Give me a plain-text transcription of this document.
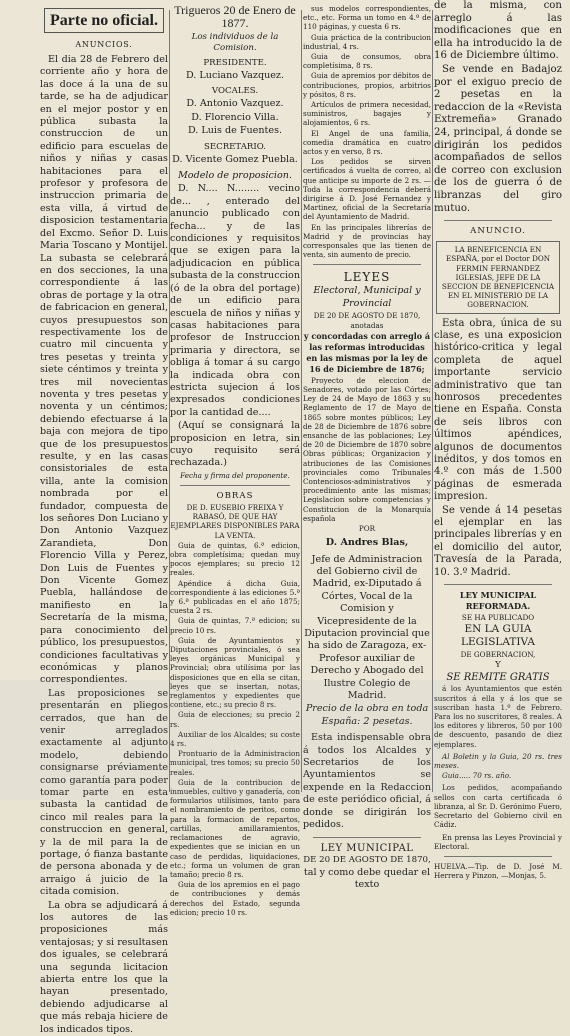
Parte no oficial.
ANUNCIOS.

El dia 28 de Febrero del corriente año y hora de las doce á la una de su tarde, se ha de adjudicar en el mejor postor y en pública subasta la construccion de un edificio para escuelas de niños y niñas y casas habitaciones para el profesor y profesora de instruccion primaria de esta villa, á virtud de disposicion testamentaria del Excmo. Señor D. Luis Maria Toscano y Montijel. La subasta se celebrará en dos secciones, la una correspondiente á las obras de portage y la otra de fabricacion en general, cuyos presupuestos son respectivamente los de cuatro mil cincuenta y tres pesetas y treinta y siete céntimos y treinta y tres mil novecientas noventa y tres pesetas y noventa y un céntimos; debiendo efectuarse á la baja con mejora de tipo que de los presupuestos resulte, y en las casas consistoriales de esta villa, ante la comision nombrada por el fundador, compuesta de los señores Don Luciano y Don Antonio Vazquez Zarandieta, Don Florencio Villa y Perez, Don Luis de Fuentes y Don Vicente Gomez Puebla, hallándose de manifiesto en la Secretaría de la misma, para conocimiento del público, los presupuestos, condiciones facultativas y económicas y planos correspondientes.

Las proposiciones se presentarán en pliegos cerrados, que han de venir arreglados exactamente al adjunto modelo, debiendo consignarse préviamente como garantía para poder tomar parte en esta subasta la cantidad de cinco mil reales para la construccion en general, y la de mil para la de portage, ó fianza bastante de persona abonada y de arraigo á juicio de la citada comision.

La obra se adjudicará á los autores de las proposiciones más ventajosas; y si resultasen dos iguales, se celebrará una segunda licitacion abierta entre los que la hayan presentado, debiendo adjudicarse al que más rebaja hiciere de los indicados tipos.

Trigueros 20 de Enero de 1877.

Los individuos de la Comision.

PRESIDENTE.

D. Luciano Vazquez.

VOCALES.

D. Antonio Vazquez.

D. Florencio Villa.

D. Luis de Fuentes.

SECRETARIO.

D. Vicente Gomez Puebla.

Modelo de proposicion.

D. N.... N........ vecino de... , enterado del anuncio publicado con fecha... y de las condiciones y requisitos que se exigen para la adjudicacion en pública subasta de la construccion (ó de la obra del portage) de un edificio para escuela de niños y niñas y casas habitaciones para profesor de Instruccion primaria y directora, se obliga á tomar á su cargo la indicada obra con estricta sujecion á los expresados condiciones por la cantidad de....

(Aquí se consignará la proposicion en letra, sin cuyo requisito será rechazada.)

Fecha y firma del proponente.

OBRAS

DE D. EUSEBIO FREIXA Y RABASÓ, DE QUE HAY EJEMPLARES DISPONIBLES PARA LA VENTA.

Guia de quintas, 6.ª edicion, obra completísima; quedan muy pocos ejemplares; su precio 12 reales.

Apéndice á dicha Guia, correspondiente á las ediciones 5.ª y 6.ª publicadas en el año 1875; cuesta 2 rs.

Guia de quintas, 7.ª edicion; su precio 10 rs.

Guia de Ayuntamientos y Diputaciones provinciales, ó sea leyes orgánicas Municipal y Provincial; obra utilísima por las disposiciones que en ella se citan, leyes que se insertan, notas, reglamentos y expedientes que contiene, etc.; su precio 8 rs.

Guia de elecciones; su precio 2 rs.

Auxiliar de los Alcaldes; su coste 4 rs.

Prontuario de la Administracion municipal, tres tomos; su precio 50 reales.

Guia de la contribucion de inmuebles, cultivo y ganadería, con formularios utilísimos, tanto para el nombramiento de peritos, como para la formacion de repartos, cartillas, amillaramientos, reclamaciones de agravio, expedientes que se inician en un caso de perdidas, liquidaciones, etc.; forma un volumen de gran tamaño; precio 8 rs.

Guia de los apremios en el pago de contribuciones y demás derechos del Estado, segunda edicion; precio 10 rs.

sus modelos correspondientes, etc., etc. Forma un tomo en 4.º de 110 páginas, y cuesta 6 rs.

Guia práctica de la contribucion industrial, 4 rs.

Guia de consumos, obra completísima, 8 rs.

Guia de apremios por débitos de contribuciones, propios, arbitrios y pósitos, 8 rs.

Artículos de primera necesidad, suministros, bagajes y alojamientos, 6 rs.

El Angel de una familia, comedia dramática en cuatro actos y en verso, 8 rs.

Los pedidos se sirven certificados á vuelta de correo, al que anticipe su importe de 2 rs. —Toda la correspondencia deberá dirigirse á D. José Fernandez y Martinez, oficial de la Secretaría del Ayuntamiento de Madrid.

En las principales librerías de Madrid y de provincias hay corresponsales que las tienen de venta, sin aumento de precio.

LEYES

Electoral, Municipal y Provincial

DE 20 DE AGOSTO DE 1870, anotadas

y concordadas con arreglo á las reformas introducidas en las mismas por la ley de 16 de Diciembre de 1876;

Proyecto de eleccion de Senadores, votado por las Córtes; Ley de 24 de Mayo de 1863 y su Reglamento de 17 de Mayo de 1865 sobre montes públicos; Ley de 28 de Diciembre de 1876 sobre ensanche de las poblaciones; Ley de 20 de Diciembre de 1870 sobre Obras públicas; Organizacion y atribuciones de las Comisiones provinciales como Tribunales Contenciosos-administrativos y procedimiento ante las mismas; Legislacion sobre competencias y Constitucion de la Monarquía española

POR

D. Andres Blas,

Jefe de Administracion del Gobierno civil de Madrid, ex-Diputado á Córtes, Vocal de la Comision y Vicepresidente de la Diputacion provincial que ha sido de Zaragoza, ex-Profesor auxiliar de Derecho y Abogado del Ilustre Colegio de Madrid.

Precio de la obra en toda España: 2 pesetas.

Esta indispensable obra á todos los Alcaldes y Secretarios de los Ayuntamientos se expende en la Redaccion de este periódico oficial, á donde se dirigirán los pedidos.

LEY MUNICIPAL

DE 20 DE AGOSTO DE 1870,

tal y como debe quedar el texto

de la misma, con arreglo á las modificaciones que en ella ha introducido la de 16 de Diciembre último.

Se vende en Badajoz por el exiguo precio de 2 pesetas en la redaccion de la «Revista Extremeña» Granado 24, principal, á donde se dirigirán los pedidos acompañados de sellos de correo con exclusion de los de guerra ó de libranzas del giro mutuo.

ANUNCIO.

LA BENEFICENCIA EN ESPAÑA, por el Doctor DON FERMIN FERNANDEZ IGLESIAS, JEFE DE LA SECCION DE BENEFICENCIA EN EL MINISTERIO DE LA GOBERNACION.

Esta obra, única de su clase, es una exposicion histórico-critica y legal completa de aquel importante servicio administrativo que tan honrosos precedentes tiene en España. Consta de seis libros con últimos apéndices, algunos de documentos inéditos, y dos tomos en 4.º con más de 1.500 páginas de esmerada impresion.

Se vende á 14 pesetas el ejemplar en las principales librerías y en el domicilio del autor, Travesía de la Parada, 10. 3.º Madrid.

LEY MUNICIPAL REFORMADA.

SE HA PUBLICADO

EN LA GUIA LEGISLATIVA

DE GOBERNACION,

Y

SE REMITE GRATIS

á los Ayuntamientos que estén suscritos á ella y á los que se suscriban hasta 1.º de Febrero. Para los no suscritores, 8 reales. A los editores y libreros, 50 por 100 de descuento, pasando de diez ejemplares.

Al Boletin y la Guia, 20 rs. tres meses.

Guia..... 70 rs. año.

Los pedidos, acompañando sellos con carta certificada ó libranza, al Sr. D. Gerónimo Fuero, Secretario del Gobierno civil en Cádiz.

En prensa las Leyes Provincial y Electoral.

HUELVA.—Tip. de D. José M. Herrera y Pinzon, —Monjas, 5.
